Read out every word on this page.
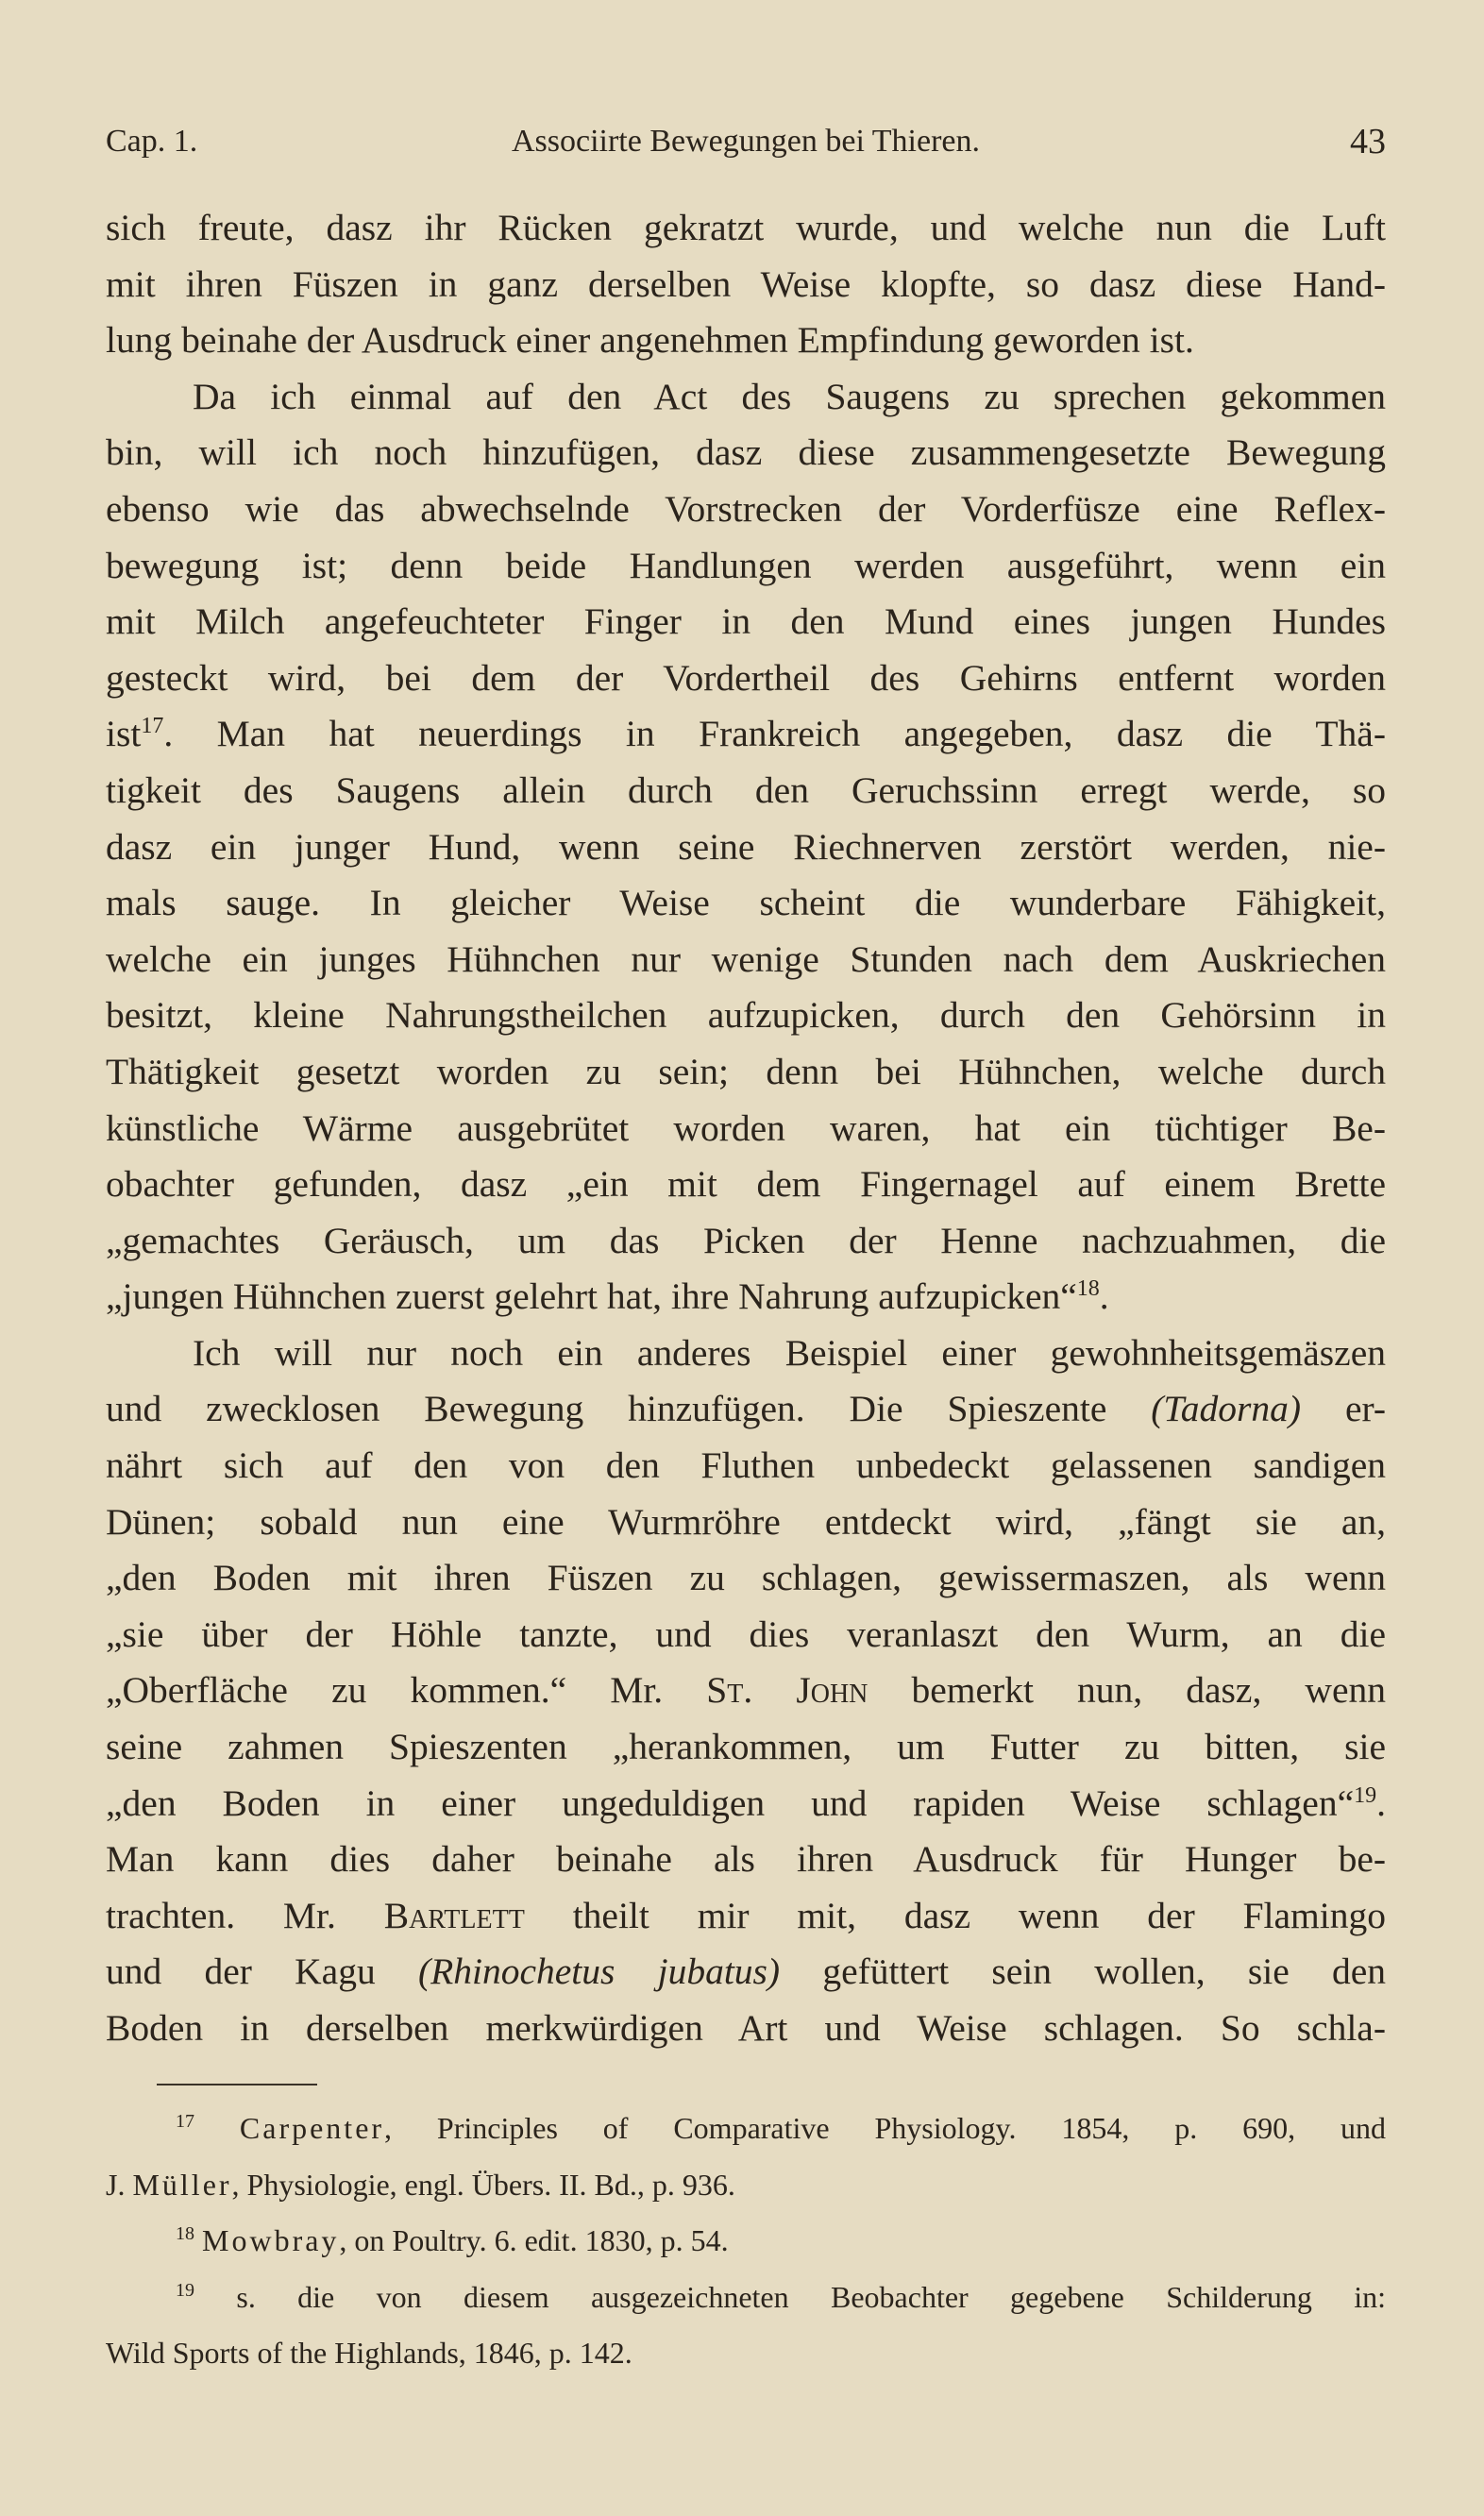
Cap. 1.	Associirte Bewegungen bei Thieren.	43
sich freute, dasz ihr Rücken gekratzt wurde, und welche nun die Luft
mit ihren Füszen in ganz derselben Weise klopfte, so dasz diese Hand-
lung beinahe der Ausdruck einer angenehmen Empfindung geworden ist.
Da ich einmal auf den Act des Saugens zu sprechen gekommen
bin, will ich noch hinzufügen, dasz diese zusammengesetzte Bewegung
ebenso wie das abwechselnde Vorstrecken der Vorderfüsze eine Reflex-
bewegung ist; denn beide Handlungen werden ausgeführt, wenn ein
mit Milch angefeuchteter Finger in den Mund eines jungen Hundes
gesteckt wird, bei dem der Vordertheil des Gehirns entfernt worden
ist$^{17}$. Man hat neuerdings in Frankreich angegeben, dasz die Thä-
tigkeit des Saugens allein durch den Geruchssinn erregt werde, so
dasz ein junger Hund, wenn seine Riechnerven zerstört werden, nie-
mals sauge. In gleicher Weise scheint die wunderbare Fähigkeit,
welche ein junges Hühnchen nur wenige Stunden nach dem Auskriechen
besitzt, kleine Nahrungstheilchen aufzupicken, durch den Gehörsinn in
Thätigkeit gesetzt worden zu sein; denn bei Hühnchen, welche durch
künstliche Wärme ausgebrütet worden waren, hat ein tüchtiger Be-
obachter gefunden, dasz „ein mit dem Fingernagel auf einem Brette
„gemachtes Geräusch, um das Picken der Henne nachzuahmen, die
„jungen Hühnchen zuerst gelehrt hat, ihre Nahrung aufzupicken“$^{18}$.
Ich will nur noch ein anderes Beispiel einer gewohnheitsgemäszen
und zwecklosen Bewegung hinzufügen. Die Spieszente (Tadorna) er-
nährt sich auf den von den Fluthen unbedeckt gelassenen sandigen
Dünen; sobald nun eine Wurmröhre entdeckt wird, „fängt sie an,
„den Boden mit ihren Füszen zu schlagen, gewissermaszen, als wenn
„sie über der Höhle tanzte, und dies veranlaszt den Wurm, an die
„Oberfläche zu kommen.“ Mr. St. John bemerkt nun, dasz, wenn
seine zahmen Spieszenten „herankommen, um Futter zu bitten, sie
„den Boden in einer ungeduldigen und rapiden Weise schlagen“$^{19}$.
Man kann dies daher beinahe als ihren Ausdruck für Hunger be-
trachten. Mr. Bartlett theilt mir mit, dasz wenn der Flamingo
und der Kagu (Rhinochetus jubatus) gefüttert sein wollen, sie den
Boden in derselben merkwürdigen Art und Weise schlagen. So schla-
$^{17}$ Carpenter, Principles of Comparative Physiology. 1854, p. 690, und
J. Müller, Physiologie, engl. Übers. II. Bd., p. 936.
$^{18}$ Mowbray, on Poultry. 6. edit. 1830, p. 54.
$^{19}$ s. die von diesem ausgezeichneten Beobachter gegebene Schilderung in:
Wild Sports of the Highlands, 1846, p. 142.
